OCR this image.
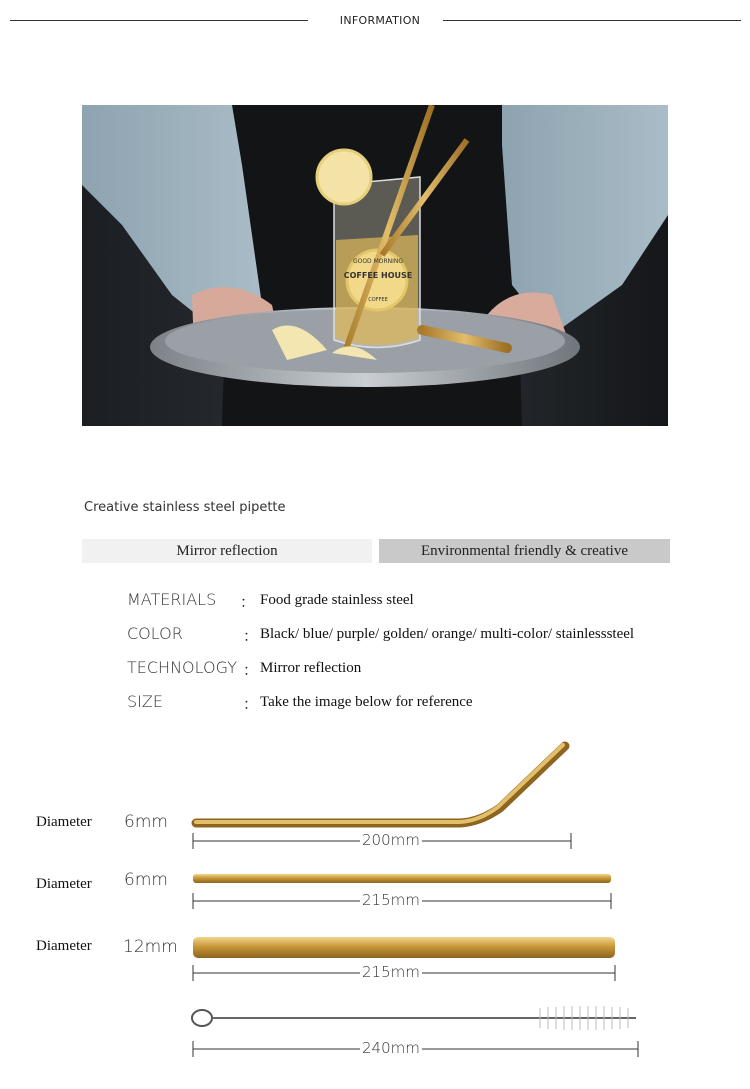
INFORMATION
GOOD MORNING
COFFEE HOUSE
COFFEE
Creative stainless steel pipette
Mirror reflection	Environmental friendly & creative
MATERIALS ： Food grade stainless steel
COLOR	： Black/ blue/ purple/ golden/ orange/ multi-color/ stainlesssteel
TECHNOLOGY ： Mirror reflection
SIZE	： Take the image below for reference
Diameter 6mm
200mm
Diameter 6mm
215mm
Diameter 12mm
215mm
240mm
